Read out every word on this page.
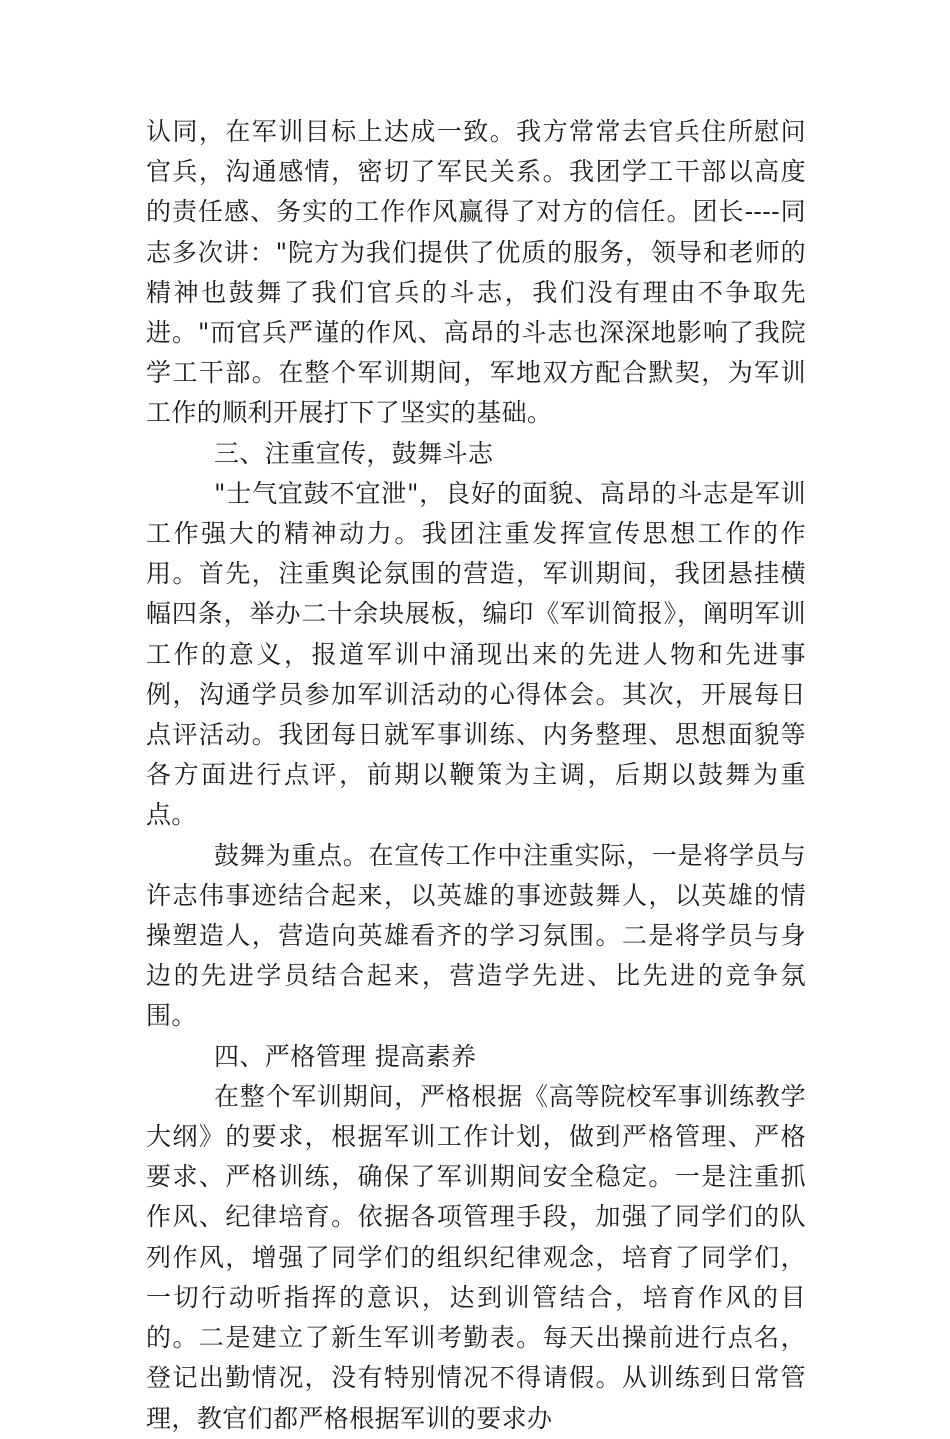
认同，在军训目标上达成一致。我方常常去官兵住所慰问官兵，沟通感情，密切了军民关系。我团学工干部以高度的责任感、务实的工作作风赢得了对方的信任。团长----同志多次讲："院方为我们提供了优质的服务，领导和老师的精神也鼓舞了我们官兵的斗志，我们没有理由不争取先进。"而官兵严谨的作风、高昂的斗志也深深地影响了我院学工干部。在整个军训期间，军地双方配合默契，为军训工作的顺利开展打下了坚实的基础。

三、注重宣传，鼓舞斗志

"士气宜鼓不宜泄"，良好的面貌、高昂的斗志是军训工作强大的精神动力。我团注重发挥宣传思想工作的作用。首先，注重舆论氛围的营造，军训期间，我团悬挂横幅四条，举办二十余块展板，编印《军训简报》，阐明军训工作的意义，报道军训中涌现出来的先进人物和先进事例，沟通学员参加军训活动的心得体会。其次，开展每日点评活动。我团每日就军事训练、内务整理、思想面貌等各方面进行点评，前期以鞭策为主调，后期以鼓舞为重点。

鼓舞为重点。在宣传工作中注重实际，一是将学员与许志伟事迹结合起来，以英雄的事迹鼓舞人，以英雄的情操塑造人，营造向英雄看齐的学习氛围。二是将学员与身边的先进学员结合起来，营造学先进、比先进的竞争氛围。

四、严格管理 提高素养

在整个军训期间，严格根据《高等院校军事训练教学大纲》的要求，根据军训工作计划，做到严格管理、严格要求、严格训练，确保了军训期间安全稳定。一是注重抓作风、纪律培育。依据各项管理手段，加强了同学们的队列作风，增强了同学们的组织纪律观念，培育了同学们，一切行动听指挥的意识，达到训管结合，培育作风的目的。二是建立了新生军训考勤表。每天出操前进行点名，登记出勤情况，没有特别情况不得请假。从训练到日常管理，教官们都严格根据军训的要求办
